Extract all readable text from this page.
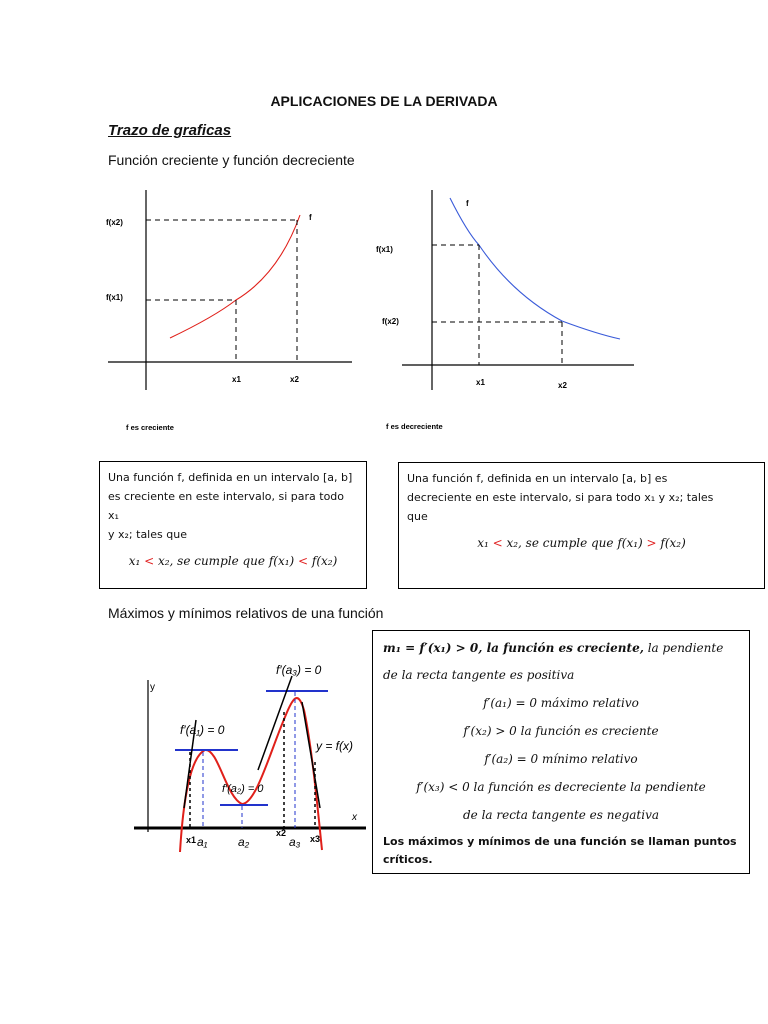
APLICACIONES DE LA DERIVADA
Trazo de graficas
Función creciente y función decreciente
f(x2)
f(x1)
f
x1	x2
f es creciente
f
f(x1)
f(x2)
x1	x2
f es decreciente
Una función f, definida en un intervalo [a, b]
es creciente en este intervalo, si para todo x₁
y x₂; tales que
x₁ < x₂, se cumple que f(x₁) < f(x₂)
Una función f, definida en un intervalo [a, b] es
decreciente en este intervalo, si para todo x₁ y x₂; tales
que
x₁ < x₂, se cumple que f(x₁) > f(x₂)
Máximos y mínimos relativos de una función
y
x
f′(a₁) = 0
f′(a₃) = 0
f′(a₂) = 0
y = f(x)
x1 a₁	a₂
x2
a₃ x3
m₁ = f′(x₁) > 0, la función es creciente, la pendiente
de la recta tangente es positiva
f′(a₁) = 0 máximo relativo
f′(x₂) > 0 la función es creciente
f′(a₂) = 0 mínimo relativo
f′(x₃) < 0 la función es decreciente la pendiente
de la recta tangente es negativa
Los máximos y mínimos de una función se llaman puntos
críticos.
